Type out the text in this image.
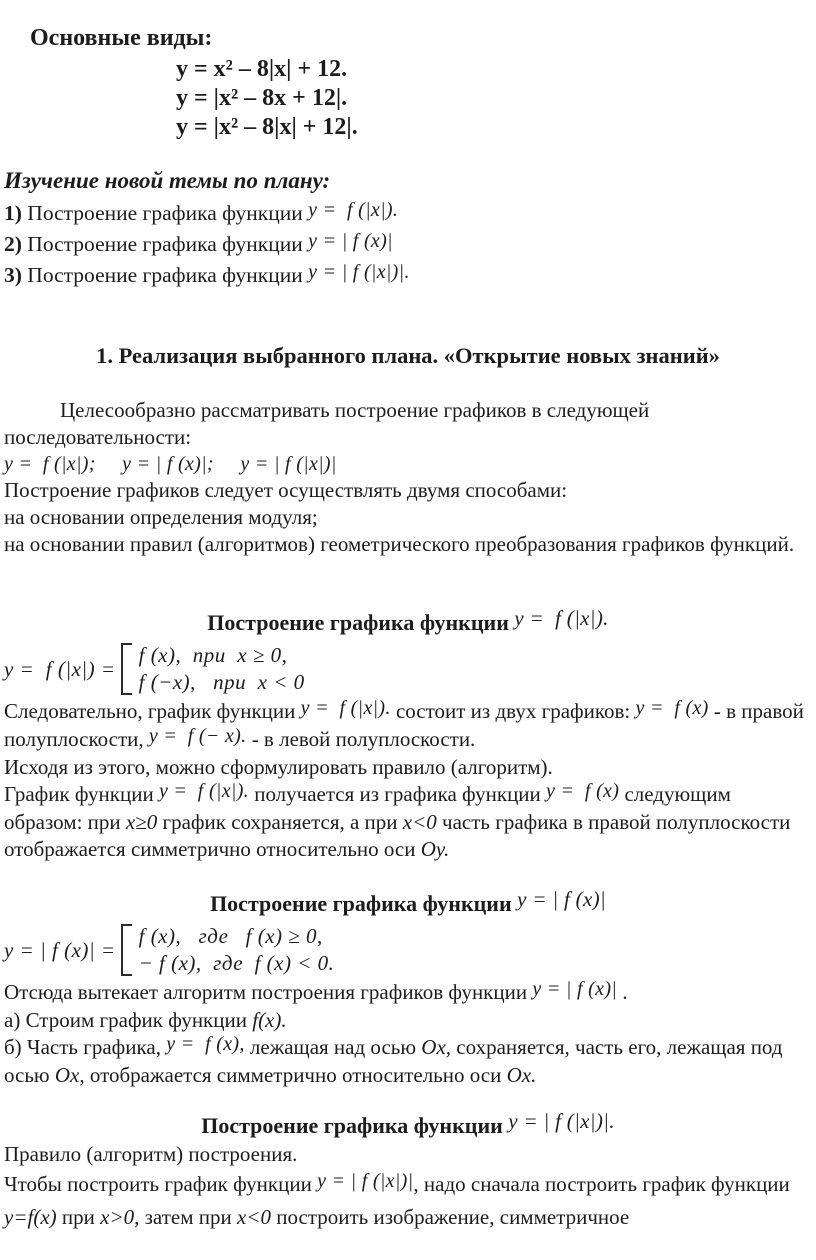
Основные виды:
y = x² – 8|x| + 12.
y = |x² – 8x + 12|.
y = |x² – 8|x| + 12|.
Изучение новой темы по плану:
1) Построение графика функции y =  f (|x|).
2) Построение графика функции y = | f (x)|
3) Построение графика функции y = | f (|x|)|.
1. Реализация выбранного плана. «Открытие новых знаний»

Целесообразно рассматривать построение графиков в следующей последовательности:

y =  f (|x|);     y = | f (x)|;     y = | f (|x|)|

Построение графиков следует осуществлять двумя способами:

на основании определения модуля;

на основании правил (алгоритмов) геометрического преобразования графиков функций.

Построение графика функции y =  f (|x|).
y =  f (|x|) =
f (x),  при  x ≥ 0,
f (−x),   при  x < 0

Следовательно, график функции y =  f (|x|). состоит из двух графиков: y =  f (x) - в правой полуплоскости, y =  f (− x). - в левой полуплоскости.

Исходя из этого, можно сформулировать правило (алгоритм).

График функции y =  f (|x|). получается из графика функции y =  f (x) следующим образом: при x≥0 график сохраняется, а при x<0 часть графика в правой полуплоскости отображается симметрично относительно оси Oy.

Построение графика функции y = | f (x)|
y = | f (x)| =
f (x),   где   f (x) ≥ 0,
− f (x),  где  f (x) < 0.

Отсюда вытекает алгоритм построения графиков функции y = | f (x)| .

а) Строим график функции f(x).

б) Часть графика, y =  f (x), лежащая над осью Ox, сохраняется, часть его, лежащая под осью Ox, отображается симметрично относительно оси Ox.

Построение графика функции y = | f (|x|)|.

Правило (алгоритм) построения.

Чтобы построить график функции y = | f (|x|)|, надо сначала построить график функции y=f(x) при x>0, затем при x<0 построить изображение, симметричное
